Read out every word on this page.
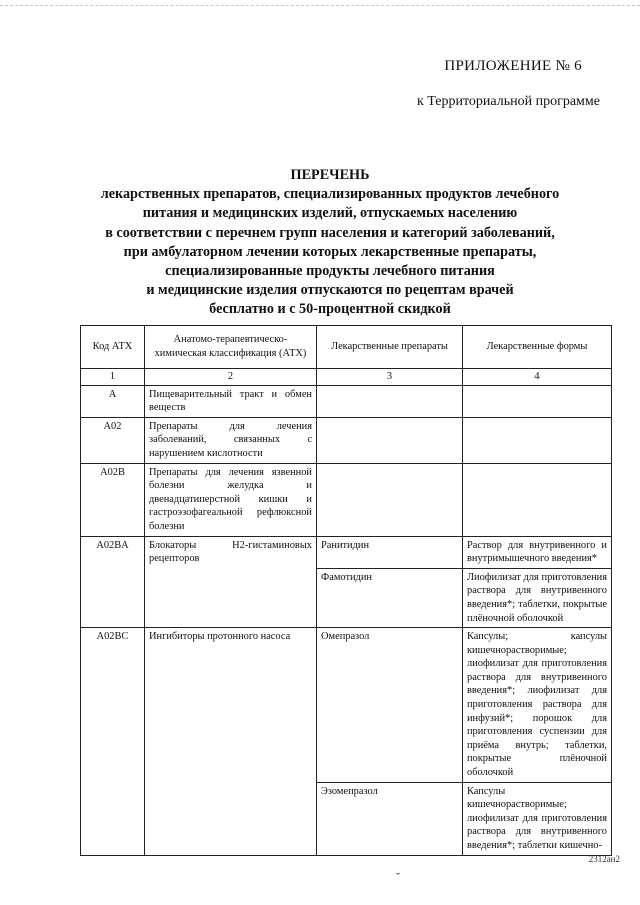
ПРИЛОЖЕНИЕ № 6
к Территориальной программе
ПЕРЕЧЕНЬ
лекарственных препаратов, специализированных продуктов лечебного
питания и медицинских изделий, отпускаемых населению
в соответствии с перечнем групп населения и категорий заболеваний,
при амбулаторном лечении которых лекарственные препараты,
специализированные продукты лечебного питания
и медицинские изделия отпускаются по рецептам врачей
бесплатно и с 50-процентной скидкой
Код АТХ	Анатомо-терапевтическо-химическая классификация (АТХ)	Лекарственные препараты	Лекарственные формы
1	2	3	4
A	Пищеварительный тракт и обмен веществ		
A02	Препараты для лечения заболеваний, связанных с нарушением кислотности		
A02B	Препараты для лечения язвенной болезни желудка и двенадцатиперстной кишки и гастроэзофагеальной рефлюксной болезни		
A02BA	Блокаторы H2-гистаминовых рецепторов	Ранитидин	Раствор для внутривенного и внутримышечного введения*
		Фамотидин	Лиофилизат для приготовления раствора для внутривенного введения*; таблетки, покрытые плёночной оболочкой
A02BC	Ингибиторы протонного насоса	Омепразол	Капсулы; капсулы кишечнорастворимые; лиофилизат для приготовления раствора для внутривенного введения*; лиофилизат для приготовления раствора для инфузий*; порошок для приготовления суспензии для приёма внутрь; таблетки, покрытые плёночной оболочкой
		Эзомепразол	Капсулы кишечнорастворимые; лиофилизат для приготовления раствора для внутривенного введения*; таблетки кишечно-
2312ан2
ˇ
